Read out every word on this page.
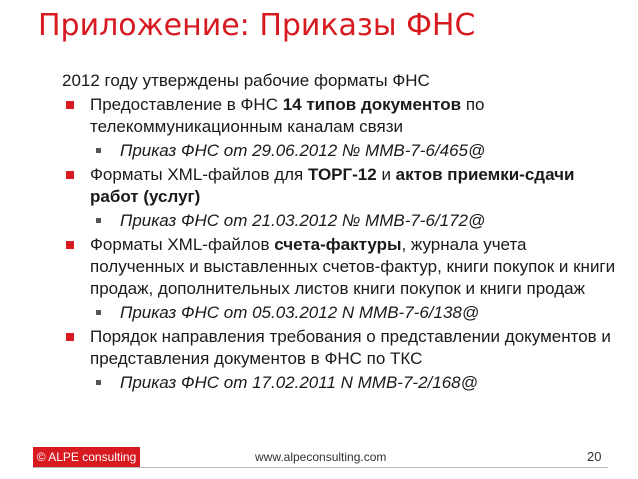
Приложение: Приказы ФНС
2012 году утверждены рабочие форматы ФНС
Предоставление в ФНС 14 типов документов по телекоммуникационным каналам связи
Приказ ФНС от 29.06.2012 № ММВ-7-6/465@
Форматы XML-файлов для ТОРГ-12 и актов приемки-сдачи работ (услуг)
Приказ ФНС от 21.03.2012 № ММВ-7-6/172@
Форматы XML-файлов счета-фактуры, журнала учета полученных и выставленных счетов-фактур, книги покупок и книги продаж, дополнительных листов книги покупок и книги продаж
Приказ ФНС от 05.03.2012 N ММВ-7-6/138@
Порядок направления требования о представлении документов и представления документов в ФНС по ТКС
Приказ ФНС от 17.02.2011 N ММВ-7-2/168@
© ALPE consulting	www.alpeconsulting.com	20
